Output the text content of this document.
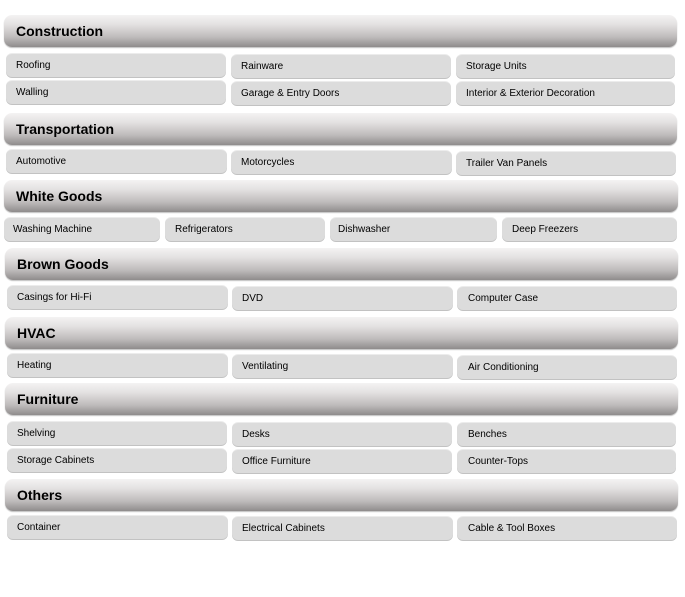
Construction
Roofing	Rainware	Storage Units
Walling	Garage & Entry Doors	Interior & Exterior Decoration
Transportation
Automotive	Motorcycles	Trailer Van Panels
White Goods
Washing Machine	Refrigerators	Dishwasher	Deep Freezers
Brown Goods
Casings for Hi-Fi	DVD	Computer Case
HVAC
Heating	Ventilating	Air Conditioning
Furniture
Shelving	Desks	Benches
Storage Cabinets	Office Furniture	Counter-Tops
Others
Container	Electrical Cabinets	Cable & Tool Boxes
